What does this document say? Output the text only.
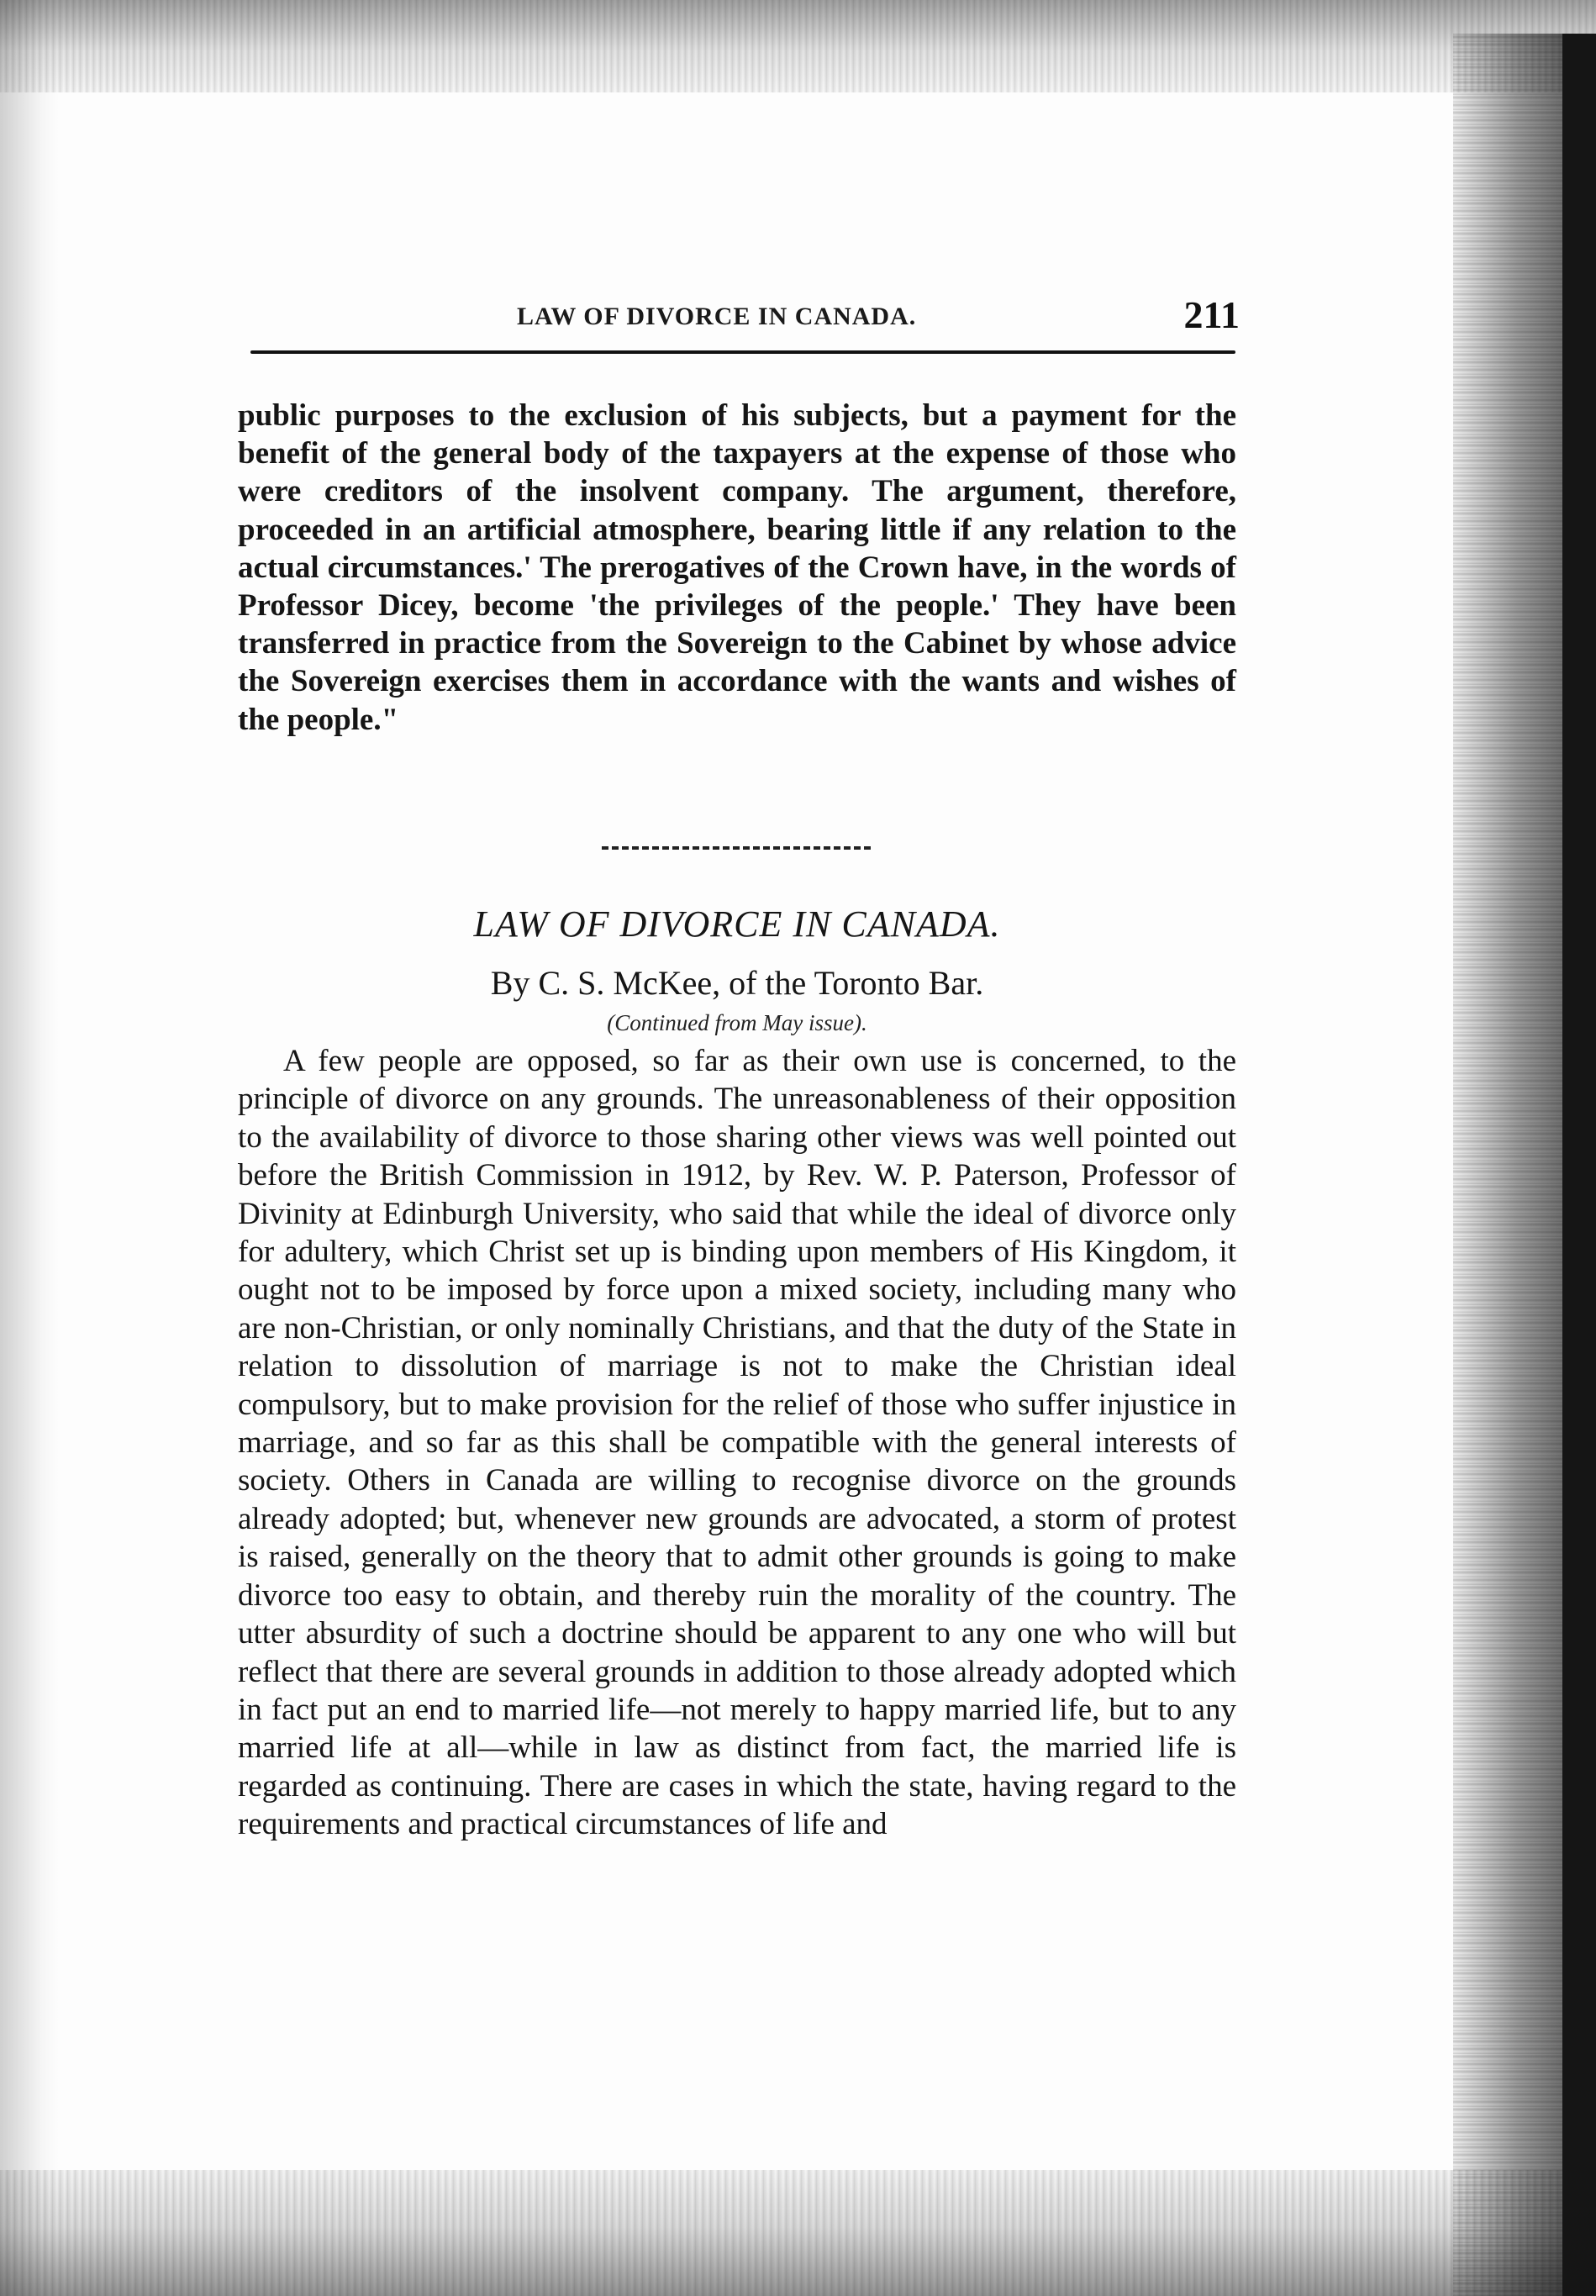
LAW OF DIVORCE IN CANADA.	211

public purposes to the exclusion of his subjects, but a payment for the benefit of the general body of the taxpayers at the expense of those who were creditors of the insolvent company. The argument, therefore, proceeded in an artificial atmosphere, bearing little if any relation to the actual circumstances.' The prerogatives of the Crown have, in the words of Professor Dicey, become 'the privileges of the people.' They have been transferred in practice from the Sovereign to the Cabinet by whose advice the Sovereign exercises them in accordance with the wants and wishes of the people."

LAW OF DIVORCE IN CANADA.

By C. S. McKee, of the Toronto Bar.

(Continued from May issue).

A few people are opposed, so far as their own use is concerned, to the principle of divorce on any grounds. The unreasonableness of their opposition to the availability of divorce to those sharing other views was well pointed out before the British Commission in 1912, by Rev. W. P. Paterson, Professor of Divinity at Edinburgh University, who said that while the ideal of divorce only for adultery, which Christ set up is binding upon members of His Kingdom, it ought not to be imposed by force upon a mixed society, including many who are non-Christian, or only nominally Christians, and that the duty of the State in relation to dissolution of marriage is not to make the Christian ideal compulsory, but to make provision for the relief of those who suffer injustice in marriage, and so far as this shall be compatible with the general interests of society. Others in Canada are willing to recognise divorce on the grounds already adopted; but, whenever new grounds are advocated, a storm of protest is raised, generally on the theory that to admit other grounds is going to make divorce too easy to obtain, and thereby ruin the morality of the country. The utter absurdity of such a doctrine should be apparent to any one who will but reflect that there are several grounds in addition to those already adopted which in fact put an end to married life—not merely to happy married life, but to any married life at all—while in law as distinct from fact, the married life is regarded as continuing. There are cases in which the state, having regard to the requirements and practical circumstances of life and
